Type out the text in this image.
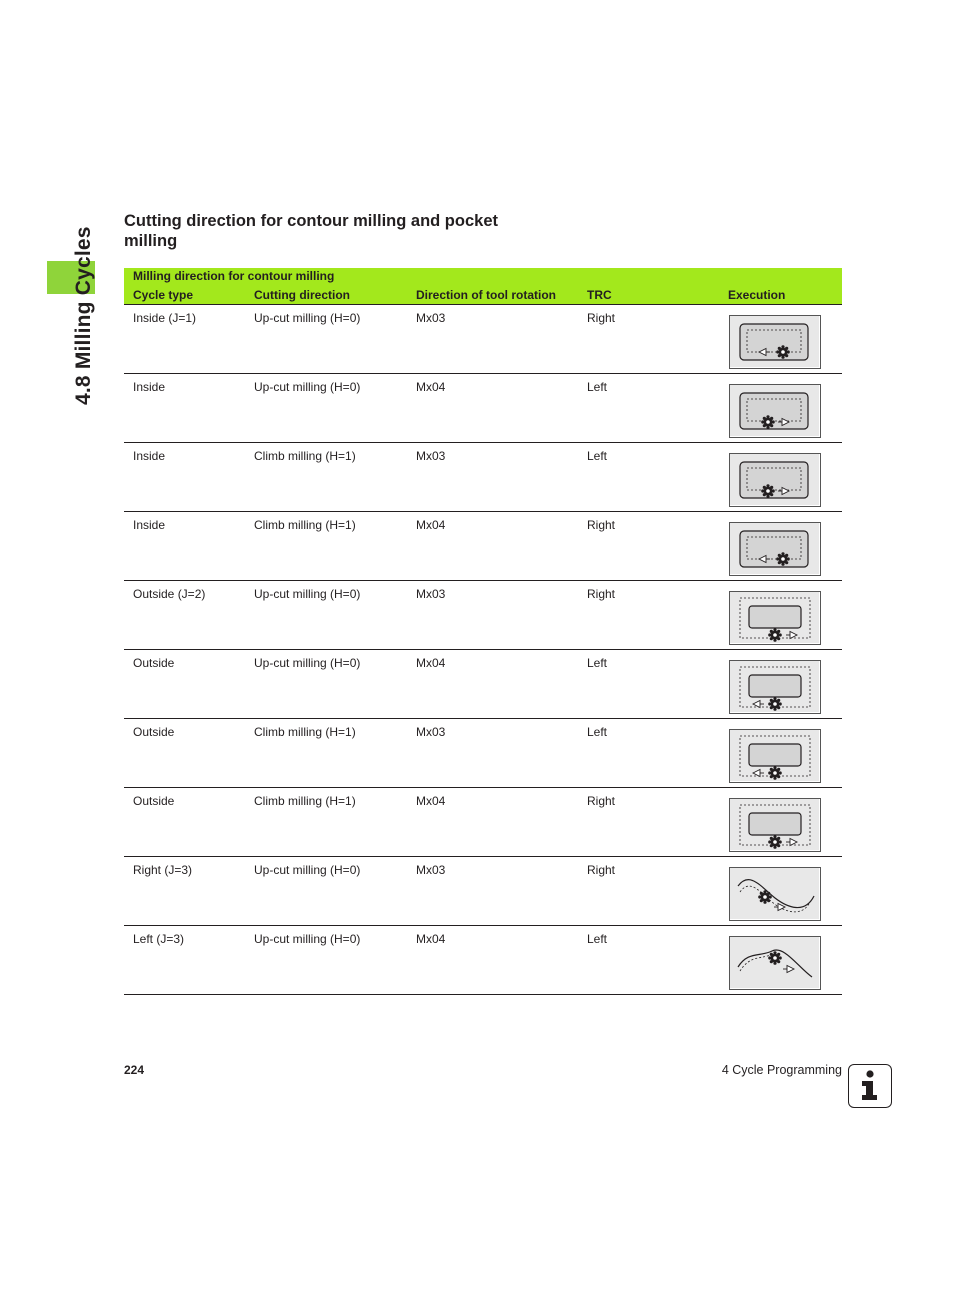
4.8 Milling Cycles
Cutting direction for contour milling and pocket milling
Milling direction for contour milling
Cycle type	Cutting direction	Direction of tool rotation	TRC	Execution
Inside (J=1)	Up-cut milling (H=0)	Mx03	Right
Inside	Up-cut milling (H=0)	Mx04	Left
Inside	Climb milling (H=1)	Mx03	Left
Inside	Climb milling (H=1)	Mx04	Right
Outside (J=2)	Up-cut milling (H=0)	Mx03	Right
Outside	Up-cut milling (H=0)	Mx04	Left
Outside	Climb milling (H=1)	Mx03	Left
Outside	Climb milling (H=1)	Mx04	Right
Right (J=3)	Up-cut milling (H=0)	Mx03	Right
Left (J=3)	Up-cut milling (H=0)	Mx04	Left
224	4 Cycle Programming
